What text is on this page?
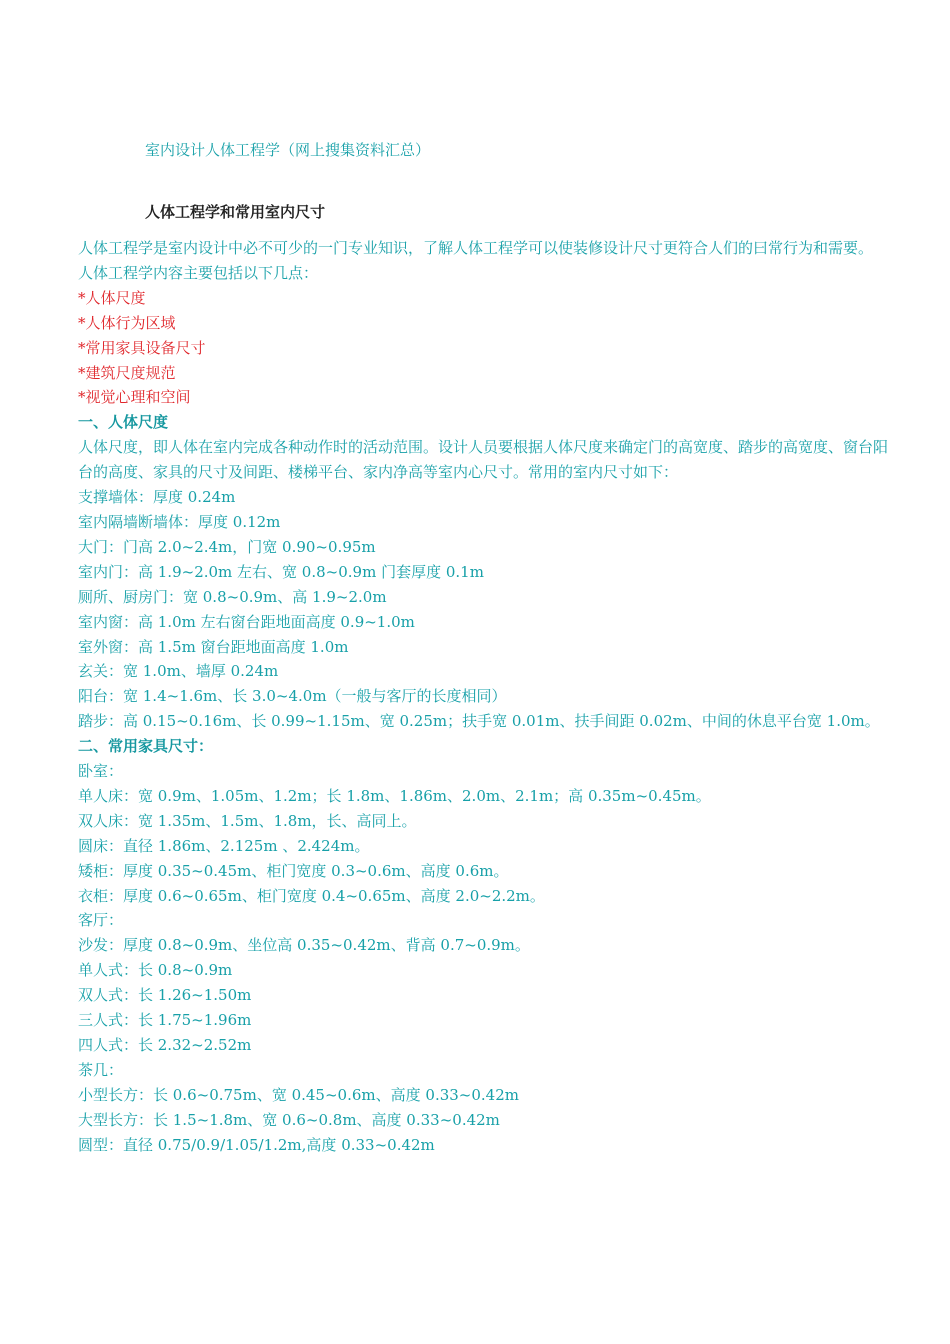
室内设计人体工程学（网上搜集资料汇总）
人体工程学和常用室内尺寸

人体工程学是室内设计中必不可少的一门专业知识，了解人体工程学可以使装修设计尺寸更符合人们的曰常行为和需要。

人体工程学内容主要包括以下几点：

*人体尺度

*人体行为区域

*常用家具设备尺寸

*建筑尺度规范

*视觉心理和空间

一、人体尺度

人体尺度，即人体在室内完成各种动作时的活动范围。设计人员要根据人体尺度来确定门的高宽度、踏步的高宽度、窗台阳台的高度、家具的尺寸及间距、楼梯平台、家内净高等室内心尺寸。常用的室内尺寸如下：

支撑墙体：厚度 0.24m

室内隔墙断墙体：厚度 0.12m

大门：门高 2.0~2.4m，门宽 0.90~0.95m

室内门：高 1.9~2.0m 左右、宽 0.8~0.9m 门套厚度 0.1m

厕所、厨房门：宽 0.8~0.9m、高 1.9~2.0m

室内窗：高 1.0m 左右窗台距地面高度 0.9~1.0m

室外窗：高 1.5m 窗台距地面高度 1.0m

玄关：宽 1.0m、墙厚 0.24m

阳台：宽 1.4~1.6m、长 3.0~4.0m（一般与客厅的长度相同）

踏步：高 0.15~0.16m、长 0.99~1.15m、宽 0.25m；扶手宽 0.01m、扶手间距 0.02m、中间的休息平台宽 1.0m。

二、常用家具尺寸：

卧室：

单人床：宽 0.9m、1.05m、1.2m；长 1.8m、1.86m、2.0m、2.1m；高 0.35m~0.45m。

双人床：宽 1.35m、1.5m、1.8m，长、高同上。

圆床：直径 1.86m、2.125m 、2.424m。

矮柜：厚度 0.35~0.45m、柜门宽度 0.3~0.6m、高度 0.6m。

衣柜：厚度 0.6~0.65m、柜门宽度 0.4~0.65m、高度 2.0~2.2m。

客厅：

沙发：厚度 0.8~0.9m、坐位高 0.35~0.42m、背高 0.7~0.9m。

单人式：长 0.8~0.9m

双人式：长 1.26~1.50m

三人式：长 1.75~1.96m

四人式：长 2.32~2.52m

茶几：

小型长方：长 0.6~0.75m、宽 0.45~0.6m、高度 0.33~0.42m

大型长方：长 1.5~1.8m、宽 0.6~0.8m、高度 0.33~0.42m

圆型：直径 0.75/0.9/1.05/1.2m,高度 0.33~0.42m
